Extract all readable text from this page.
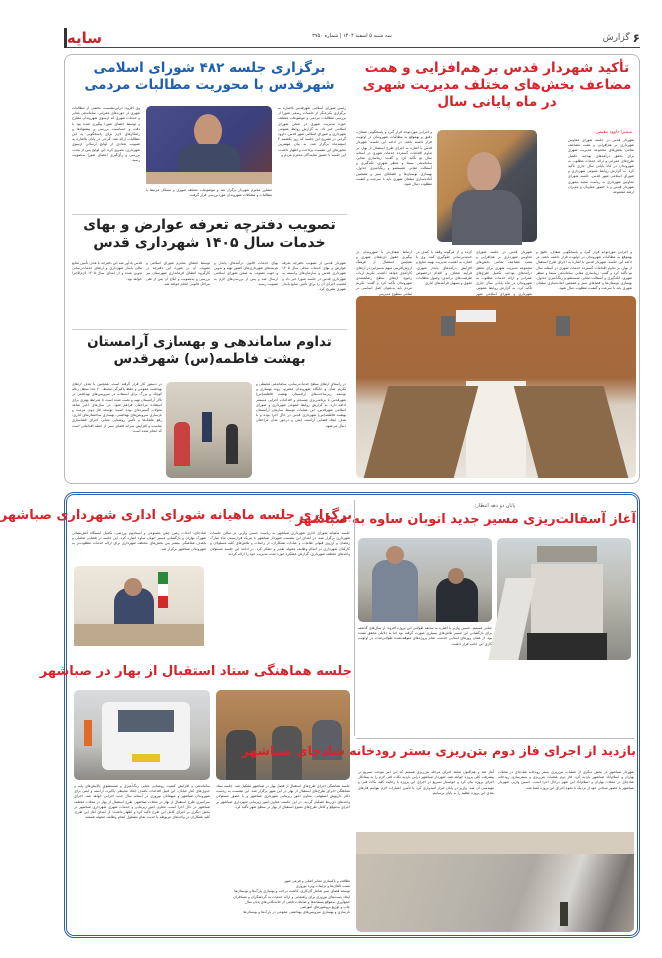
سایه	۶
گزارش
سه شنبه ۵ اسفند ۱۴۰۴ | شماره ۳۷۵۰
تأکید شهردار قدس بر هم‌افزایی و همت مضاعف بخش‌های مختلف مدیریت شهری در ماه پایانی سال
سمیرا داوود مقیمی
شهردار قدس در جلسه شورای معاونین شهرداری بر هم‌افزایی و همت مضاعف تمامی بخش‌های مجموعه مدیریت شهری برای تحقق درآمدهای بودجه، تکمیل طرح‌های عمرانی و ارائه خدمات مطلوب به شهروندان در ماه پایانی سال جاری تأکید کرد. به گزارش روابط عمومی شهرداری و شورای اسلامی شهر قدس، جلسه شورای معاونین شهرداری به ریاست سعید تیموری شهردار قدس و با حضور معاونان و مدیران ارشد مجموعه
و اجرایی موردتوجه قرار گیرد و پاسخگویی شفاف، دقیق و بهموقع به مطالبات شهروندان در اولویت قرار داشته باشد. در ادامه این جلسه، شهردار قدس با اشاره به اجرای طرح استقبال از بهار، بر تداوم اقدامات گسترده خدمات شهری در آستانه سال نو تأکید کرد و گفت: زیباسازی معابر، ساماندهی سیما و منظر شهری، لکه‌گیری و آسفالت معابر، شستشو و رنگ‌آمیزی جداول، بهسازی بوستان‌ها و فضاهای سبز و همچنین آماده‌سازی مبلمان شهری باید با سرعت و کیفیت مطلوب دنبال شود.
ارتباط شفاف‌تر با شهروندان در پیگیری حقوق ذی‌نفعان شهری و همچنین استقبال از فرهنگ ارزش‌آفرینی سهم به‌سزایی در ارتقای کارآمدی خواهد داشت. تکریم ارباب رجوع، ارتقای سطح رضایتمندی شهروندان تأکید کرد و گفت: تکریم مردم باید به‌عنوان اصل اساسی در تمامی سطوح مدیریتی
کرده و از هرگونه وقفه یا کندی در خدمت‌رسانی جلوگیری کنند. وی با اشاره به اهمیت مدیریت بهینه منابع و افزایش درآمدهای پایدار شهری، فرآیند شفاف و اقدام درخصوص ظرفیت‌های درآمدی، وصول مطالبات معوق و تسهیل فرآیندهای اداری
شهردار قدس در جلسه شورای معاونین شهرداری بر هم‌افزایی و همت مضاعف تمامی بخش‌های مجموعه مدیریت شهری برای تحقق درآمدهای بودجه، تکمیل طرح‌های عمرانی و ارائه خدمات مطلوب به شهروندان در ماه پایانی سال جاری تأکید کرد. به گزارش روابط عمومی شهرداری و شورای اسلامی شهر
و اجرایی موردتوجه قرار گیرد و پاسخگویی شفاف، دقیق و بهموقع به مطالبات شهروندان در اولویت قرار داشته باشد. در ادامه این جلسه، شهردار قدس با اشاره به اجرای طرح استقبال از بهار، بر تداوم اقدامات گسترده خدمات شهری در آستانه سال نو تأکید کرد و گفت: زیباسازی معابر، ساماندهی سیما و منظر شهری، لکه‌گیری و آسفالت معابر، شستشو و رنگ‌آمیزی جداول، بهسازی بوستان‌ها و فضاهای سبز و همچنین آماده‌سازی مبلمان شهری باید با سرعت و کیفیت مطلوب دنبال شود.
برگزاری جلسه ۴۸۲ شورای اسلامی شهرقدس با محوریت مطالبات مردمی
رئیس شورای اسلامی شهرقدس بااشاره به برگزاری یکی‌دیگر از جلسات رسمی شورا از بررسی مطالبات مردمی و موضوعات مختلف حوزه مدیریت شهری در صحن شورای اسلامی خبر داد. به گزارش روابط عمومی شهرداری و شورای اسلامی شهر قدس، داوود گرجی در تشریح این جلسه که روز یکشنبه ۳ اسفندماه برگزار شد، به بیان مهمترین محورهای این نشست پرداخت و اظهار داشت: این جلسه با حضور نمایندگان محترم مردم و
وی افزود: دراین‌نشست، بخشی از مطالبات شهری در حوزه‌های عمرانی، ساماندهی معابر و خدمات شهری که ازسوی شهروندان مطرح و توسط اعضای شورا پیگیری شده بود با دقت و حساسیت بررسی و پیشنهادها و راهکارهای لازم برای پاسخگویی به این مطالبات ارائه شد. گرجی در پایان بااشاره به تصویب تعدادی از لوایح ارسالی ازسوی شهرداری، تصریح کرد: این لوایح پس از بحث، بررسی و رأی‌گیری اعضای شورا به‌تصویب رسید.
مشاور محترم شهردار برگزار شد و موضوعات مختلف شهری و مسائل مرتبط با مطالبات و مشکلات شهروندان موردبررسی قرار گرفت.
تصویب دفترچه تعرفه عوارض و بهای خدمات سال ۱۴۰۵ شهرداری قدس
شهردار قدس از تصویب دفترچه تعرفه عوارض و بهای خدمات محلی سال ۱۴۰۵ شهرداری قدس و سازمان‌های وابسته به شهرداری قدس در جلسه شورا خبر داد و اهمیت اجرای آن را برای تأمین منابع پایدار شهری تشریح کرد.
بهای خدمات قانون درآمدهای پایدار و هزینه‌های شهرداری‌های کشور تهیه و تدوین و جهت تصویب به صحن شورای اسلامی ارسال شد و پس از بررسی‌های لازم به تصویب رسید.
توسط اعضای محترم شورای اسلامی و تصویب آن در شورا، این دفترچه در کارگروه انطباق فرمانداری شهرستان نیز بررسی و به‌تصویب و ابلاغ آن پس از طی مراحل قانونی انجام خواهد شد.
قدس یادآور شد این دفترچه با هدف تأمین منابع مالی پایدار شهرداری و ارتقای خدمات‌رسانی تدوین شده و از ابتدای سال ۱۴۰۵ لازم‌الاجرا خواهد بود.
تداوم ساماندهی و بهسازی آرامستان بهشت فاطمه(س) شهرقدس
در راستای ارتقای سطح خدمات‌رسانی، ساماندهی محیطی و تکریم شأن و جایگاه شهروندان محترم، روند بهسازی و توسعه زیرساخت‌های آرامستان بهشت فاطمه(س) شهرقدس با برنامه‌ریزی منسجم و اقدامات اجرایی مستمر ادامه دارد. به گزارش روابط عمومی شهرداری و شورای اسلامی شهرقدس، این عملیات توسط سازمان آرامستان بهشت فاطمه(س) شهرداری قدس در حال اجرا بوده و با هدف ایجاد فضایی آراسته، ایمن و درخور شأن مراجعان دنبال می‌شود.
در دستور کار قرار گرفته است. همچنین با هدف ارتقای بهداشت عمومی و حفظ پاکیزگی محیط، ۶۰ عدد سطل زباله کوچک و بزرگ برای استفاده در سرویس‌های بهداشتی در تالار آرامستان تهیه و نصب شده است تا شرایط بهتری برای استفاده مراجعان فراهم شود. در سال‌های اخیر شاهد تحولات گسترده‌ای بوده است؛ توسعه فاز دوم، مرمت و بازسازی سرویس‌های بهداشتی، بهسازی ساختمان‌های اداری، رفع علمک‌ها و تأمین روشنایی معابر، اجرای فضاسازی مناسب و افزایش سرانه فضای سبز از جمله اقداماتی است که انجام شده است.
پایان دو دهه انتظار:
آغاز آسفالت‌ریزی مسیر جدید اتوبان ساوه به صباشهر
حیاتی هستیم. حسین وازیر با اشاره به سابقه طولانی این پروژه افزود: از سال‌های گذشته برای بازگشایی این مسیر تلاش‌های بسیاری صورت گرفته بود اما به دلایلی محقق نشده بود. از همان روزهای ابتدایی خدمت، تمام پروژه‌های متوقف‌شده طولانی‌مدت در اولویت کاری این جانب قرار داشت.
برگزاری جلسه ماهیانه شورای اداری شهرداری صباشهر
جلسه ماهیانه شورای اداری شهرداری صباشهر به ریاست حسین وازیر، در سالن جلسات شهرداری برگزار شد. در ابتدای این نشست شهردار صباشهر با تبریک فرارسیدن ماه مبارک رمضان و آرزوی قبولی طاعات و عبادات همکاران، از زحمات و تلاش‌های کلیه مسئولان و کارکنان شهرداری در انجام وظایف محوله تقدیر و تشکر کرد. در ادامه این جلسه مسئولان واحدهای مختلف شهرداری، گزارش عملکرد حوزه تحت مدیریت خود را ارائه کردند.
شادچای، احداث زمین چمن مصنوعی و استادیوم ورزشی، تکمیل ایستگاه آتش‌نشانی شهرک بهاران و بازگشایی مسیر اتوبان ساوه اشاره کرد. این جلسه در فضایی تعاملی و باهدف هماهنگی بیشتر بین بخش‌های مختلف شهرداری برای ارائه خدمات مطلوب‌تر به شهروندان صباشهر برگزار شد.
جلسه هماهنگی ستاد استقبال از بهار در صباشهر
جلسه هماهنگی اجرای طرح‌های استقبال از فصل بهار در صباشهر تشکیل شد. جلسه ستاد هماهنگی اجرای طرح‌های استقبال از بهار در این شهر برگزار شد. این نشست به ریاست دکتر داریوش اصفهانی، معاون امور زیربنایی شهرداری صباشهر و با حضور مسئولان واحدهای ذی‌ربط تشکیل گردید. در این جلسه، معاون امور زیربنایی شهرداری صباشهر بر اجرای به‌موقع و کامل طرح‌های متنوع استقبال از بهار در سطح شهر تأکید کرد.
نظافت و پاکسازی معابر اصلی و فرعی شهر
نصب المان‌ها و تزئینات ویژه نوروزی
توسعه فضای سبز شامل گل‌کاری، کاشت درخت و بهسازی پارک‌ها و بوستان‌ها
ایجاد پست‌های نوروزی برای راهنمایی و ارائه خدمات به گردشگران و مسافران
جمع‌آوری به‌موقع پسماندها و ضایعات ناشی از خانه‌تکانی‌های پایان سال
چاپ و توزیع بروشورهای آموزشی
بازسازی و بهسازی سرویس‌های بهداشتی عمومی در پارک‌ها و بوستان‌ها
ساماندهی و افزایش کیفیت روشنایی معابر، رنگ‌آمیزی و شستشوی پالایش‌های پایه و جدول‌های کنار خیابان. این قبیل اقدامات باهدف ایجاد محیطی پاکیزه، آراسته و ایمن برای شهروندان صباشهر و میهمانان نوروزی در آستانه سال جدید اجرایی خواهد شد. اجرای سراسری طرح استقبال از بهار در محلات صباشهر، طرح استقبال از بهار در محلات مختلف صباشهر در حال اجرا است. معاون امور زیربنایی و خدمات شهری شهرداری صباشهر در بخش دیگری بر اجرای کامل این طرح تأکید کرد و اظهار داشت: از ابتدای آغاز این طرح، کلیه همکاران در واحدهای مربوطه با جدیت تمام مشغول انجام وظایف محوله هستند.
بازدید از اجرای فاز دوم بتن‌ریزی بستر رودخانه شادچای صباشهر
شهردار صباشهر در بخش دیگری از عملیات بتن‌ریزی بستر رودخانه شادچای در محلات بهاران و اسلام‌آباد صباشهر بازدید کرد. فاز دوم عملیات بتن‌ریزی و بسترسازی رودخانه شادچای در محلات بهاران و اسلام‌آباد این شهر درحال اجرا است. حسین وازیر، شهردار صباشهر با حضور میدانی خود از نزدیک با نحوه اجرای این پروژه آشنا شد.
آغاز شد و هم‌اکنون شاهد اجرای مرحله بتن‌ریزی هستیم که این امر موجب تسریع در پیشرفت کلی پروژه خواهد شد. شهردار صباشهر دراین بازدید نکات فنی لازم را به پیمانکار اجرای پروژه بیان کرد و خواستار تسریع در اجرای این پروژه با رعایت کلیه نکات فنی و مهندسی آن شد. وازیر در پایان ابراز امیدواری کرد با تأمین اعتبارات لازم بتوانیم فازهای بعدی این پروژه عظیم را به پایان برسانیم.
